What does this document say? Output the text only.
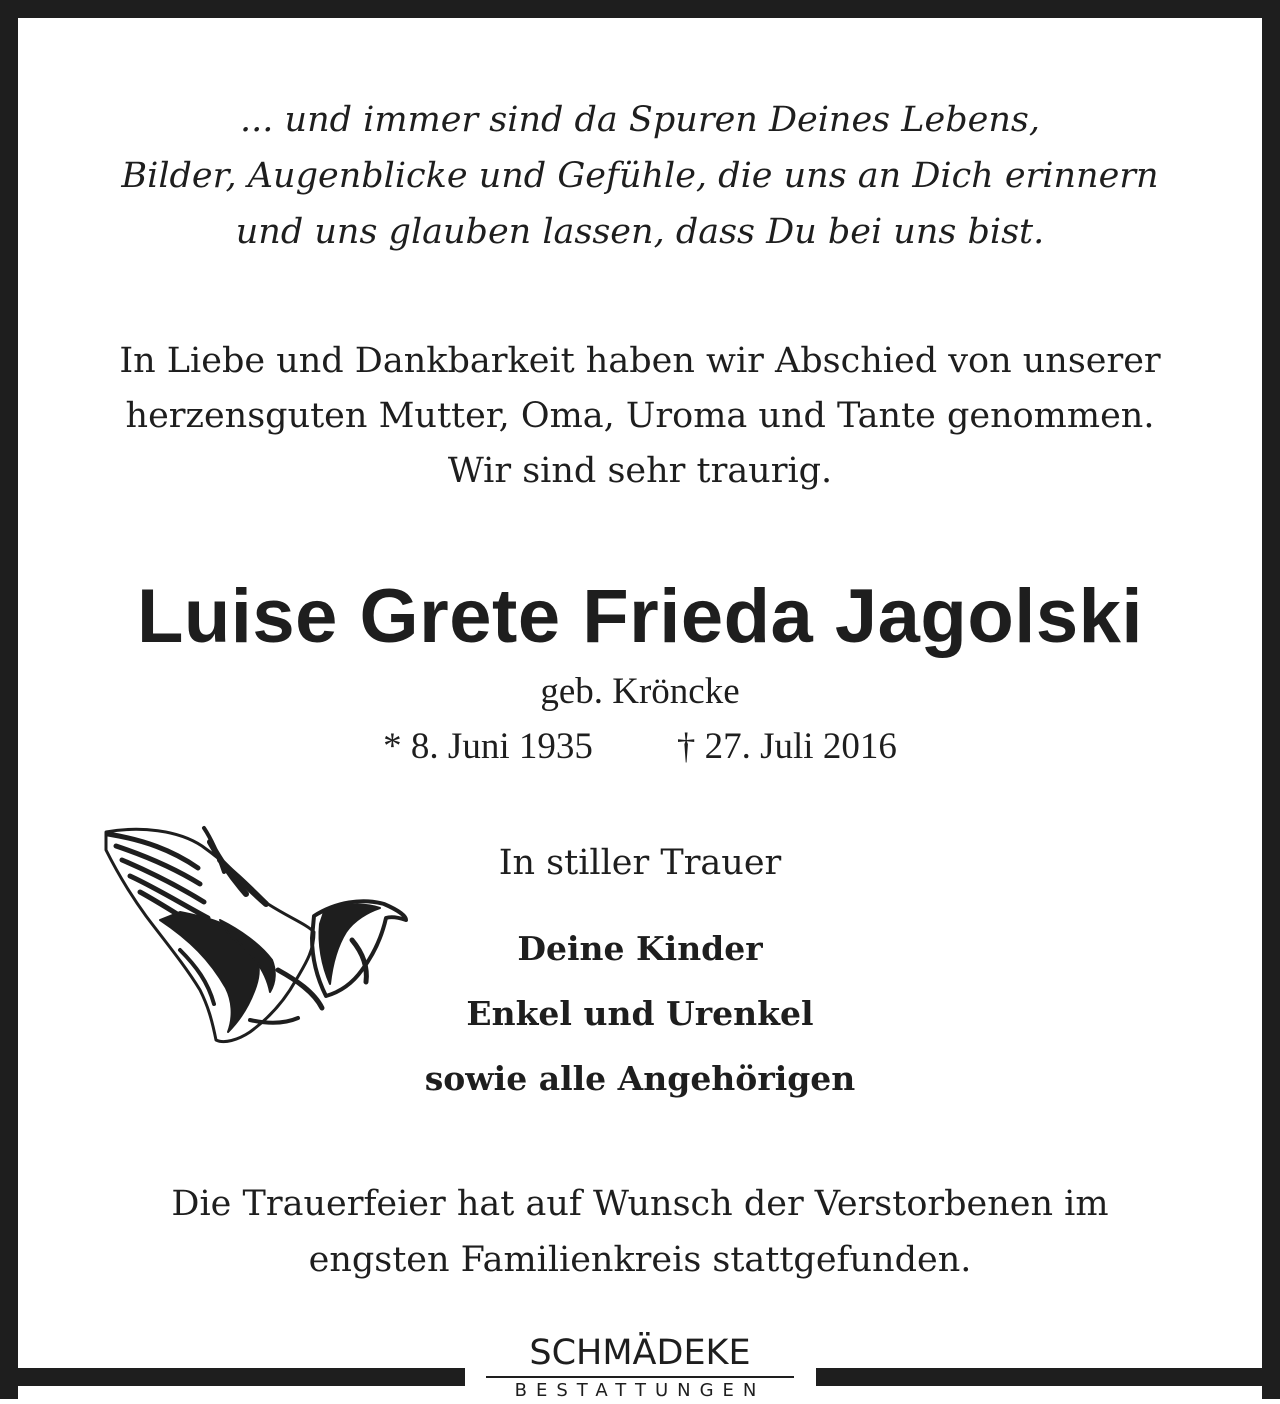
... und immer sind da Spuren Deines Lebens,
Bilder, Augenblicke und Gefühle, die uns an Dich erinnern
und uns glauben lassen, dass Du bei uns bist.
In Liebe und Dankbarkeit haben wir Abschied von unserer
herzensguten Mutter, Oma, Uroma und Tante genommen.
Wir sind sehr traurig.
Luise Grete Frieda Jagolski
geb. Kröncke
* 8. Juni 1935 † 27. Juli 2016
In stiller Trauer
Deine Kinder
Enkel und Urenkel
sowie alle Angehörigen
Die Trauerfeier hat auf Wunsch der Verstorbenen im
engsten Familienkreis stattgefunden.
SCHMÄDEKE
BESTATTUNGEN
